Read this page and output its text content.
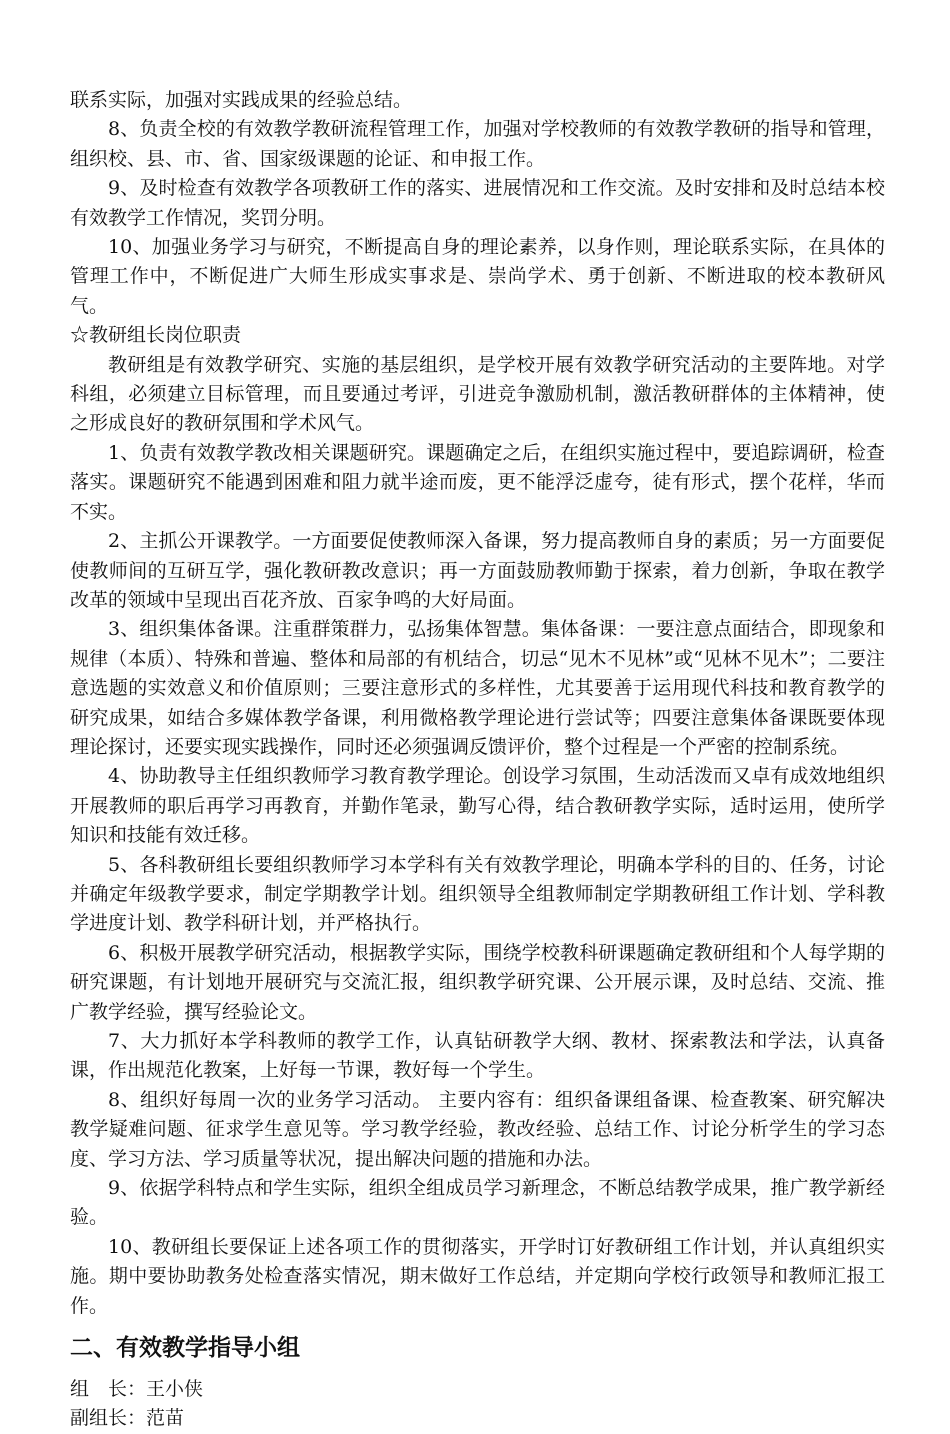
联系实际，加强对实践成果的经验总结。

8、负责全校的有效教学教研流程管理工作，加强对学校教师的有效教学教研的指导和管理，组织校、县、市、省、国家级课题的论证、和申报工作。

9、及时检查有效教学各项教研工作的落实、进展情况和工作交流。及时安排和及时总结本校有效教学工作情况，奖罚分明。

10、加强业务学习与研究，不断提高自身的理论素养，以身作则，理论联系实际，在具体的管理工作中，不断促进广大师生形成实事求是、崇尚学术、勇于创新、不断进取的校本教研风气。

☆教研组长岗位职责

教研组是有效教学研究、实施的基层组织，是学校开展有效教学研究活动的主要阵地。对学科组，必须建立目标管理，而且要通过考评，引进竞争激励机制，激活教研群体的主体精神，使之形成良好的教研氛围和学术风气。

1、负责有效教学教改相关课题研究。课题确定之后，在组织实施过程中，要追踪调研，检查落实。课题研究不能遇到困难和阻力就半途而废，更不能浮泛虚夸，徒有形式，摆个花样，华而不实。

2、主抓公开课教学。一方面要促使教师深入备课，努力提高教师自身的素质；另一方面要促使教师间的互研互学，强化教研教改意识；再一方面鼓励教师勤于探索，着力创新，争取在教学改革的领域中呈现出百花齐放、百家争鸣的大好局面。

3、组织集体备课。注重群策群力，弘扬集体智慧。集体备课：一要注意点面结合，即现象和规律（本质）、特殊和普遍、整体和局部的有机结合，切忌“见木不见林”或“见林不见木”；二要注意选题的实效意义和价值原则；三要注意形式的多样性，尤其要善于运用现代科技和教育教学的研究成果，如结合多媒体教学备课，利用微格教学理论进行尝试等；四要注意集体备课既要体现理论探讨，还要实现实践操作，同时还必须强调反馈评价，整个过程是一个严密的控制系统。

4、协助教导主任组织教师学习教育教学理论。创设学习氛围，生动活泼而又卓有成效地组织开展教师的职后再学习再教育，并勤作笔录，勤写心得，结合教研教学实际，适时运用，使所学知识和技能有效迁移。

5、各科教研组长要组织教师学习本学科有关有效教学理论，明确本学科的目的、任务，讨论并确定年级教学要求，制定学期教学计划。组织领导全组教师制定学期教研组工作计划、学科教学进度计划、教学科研计划，并严格执行。

6、积极开展教学研究活动，根据教学实际，围绕学校教科研课题确定教研组和个人每学期的研究课题，有计划地开展研究与交流汇报，组织教学研究课、公开展示课，及时总结、交流、推广教学经验，撰写经验论文。

7、大力抓好本学科教师的教学工作，认真钻研教学大纲、教材、探索教法和学法，认真备课，作出规范化教案，上好每一节课，教好每一个学生。

8、组织好每周一次的业务学习活动。 主要内容有：组织备课组备课、检查教案、研究解决教学疑难问题、征求学生意见等。学习教学经验，教改经验、总结工作、讨论分析学生的学习态度、学习方法、学习质量等状况，提出解决问题的措施和办法。

9、依据学科特点和学生实际，组织全组成员学习新理念，不断总结教学成果，推广教学新经验。

10、教研组长要保证上述各项工作的贯彻落实，开学时订好教研组工作计划，并认真组织实施。期中要协助教务处检查落实情况，期末做好工作总结，并定期向学校行政领导和教师汇报工作。

二、有效教学指导小组

组　长：王小侠

副组长：范苗
